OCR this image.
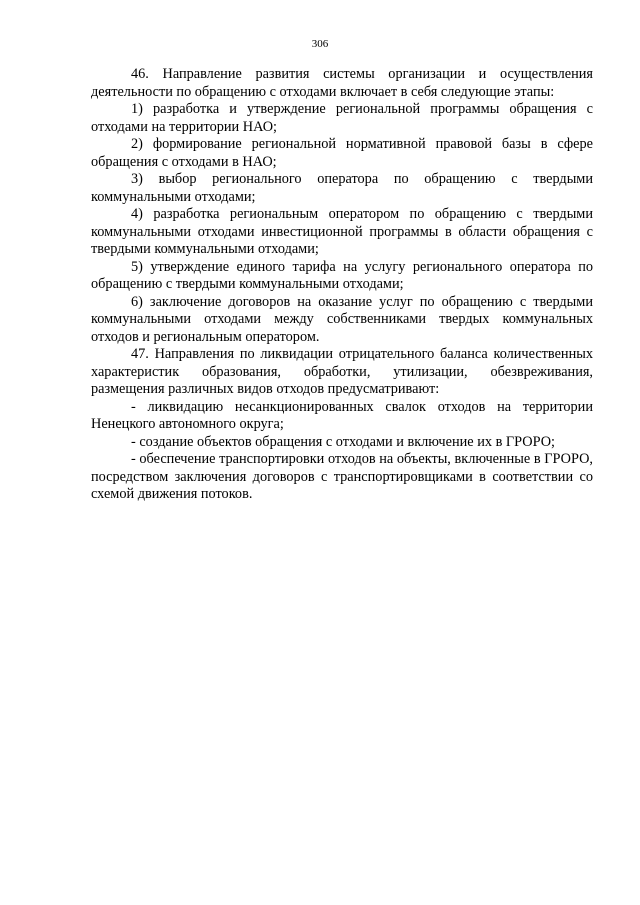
306

46. Направление развития системы организации и осуществления деятельности по обращению с отходами включает в себя следующие этапы:

1) разработка и утверждение региональной программы обращения с отходами на территории НАО;

2) формирование региональной нормативной правовой базы в сфере обращения с отходами в НАО;

3) выбор регионального оператора по обращению с твердыми коммунальными отходами;

4) разработка региональным оператором по обращению с твердыми коммунальными отходами инвестиционной программы в области обращения с твердыми коммунальными отходами;

5) утверждение единого тарифа на услугу регионального оператора по обращению с твердыми коммунальными отходами;

6) заключение договоров на оказание услуг по обращению с твердыми коммунальными отходами между собственниками твердых коммунальных отходов и региональным оператором.

47. Направления по ликвидации отрицательного баланса количественных характеристик образования, обработки, утилизации, обезвреживания, размещения различных видов отходов предусматривают:

- ликвидацию несанкционированных свалок отходов на территории Ненецкого автономного округа;

- создание объектов обращения с отходами и включение их в ГРОРО;

- обеспечение транспортировки отходов на объекты, включенные в ГРОРО, посредством заключения договоров с транспортировщиками в соответствии со схемой движения потоков.
